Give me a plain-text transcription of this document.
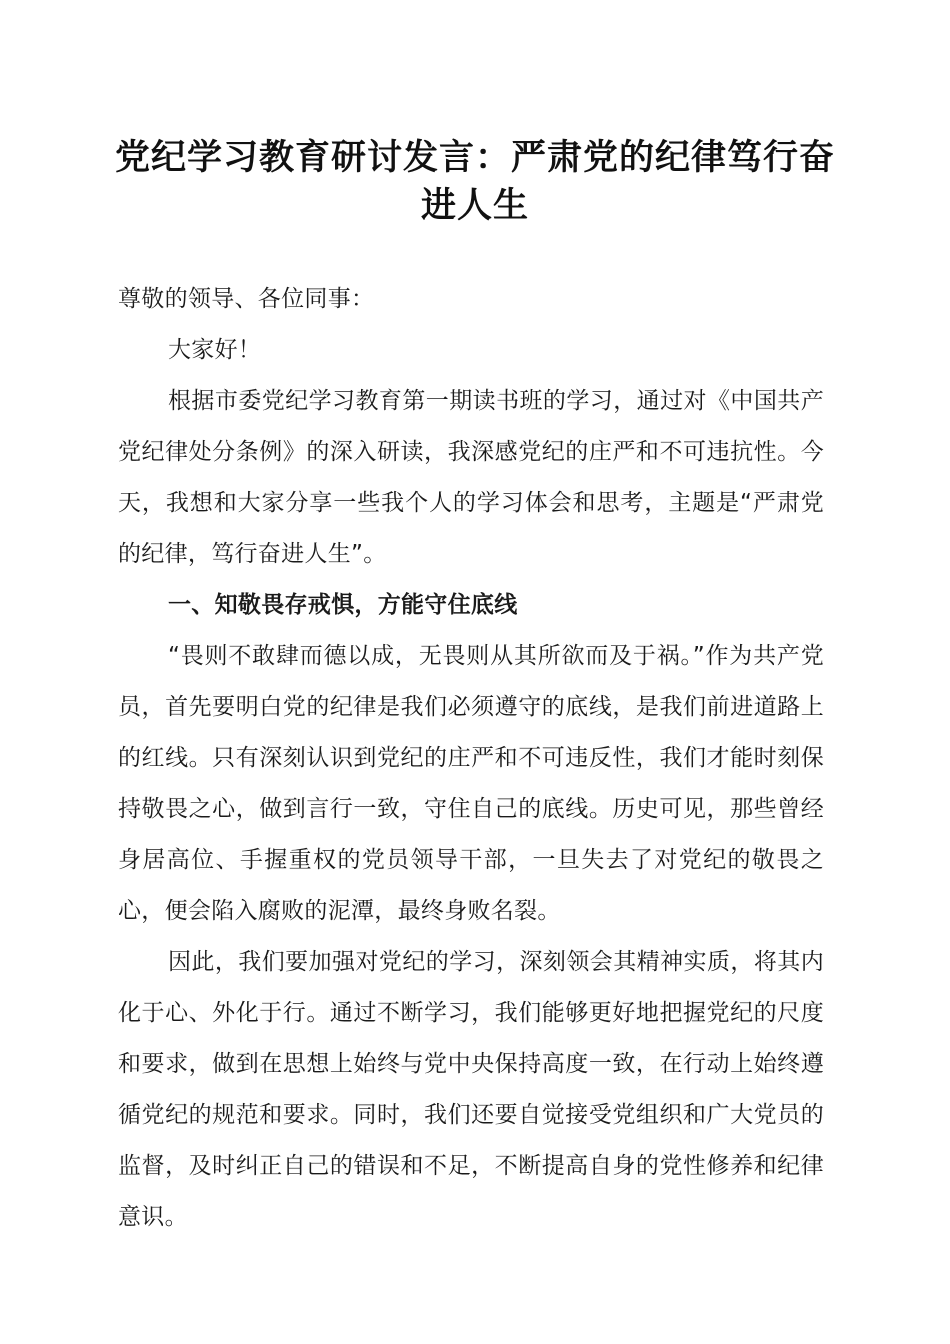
党纪学习教育研讨发言：严肃党的纪律笃行奋进人生

尊敬的领导、各位同事：

大家好！

根据市委党纪学习教育第一期读书班的学习，通过对《中国共产党纪律处分条例》的深入研读，我深感党纪的庄严和不可违抗性。今天，我想和大家分享一些我个人的学习体会和思考，主题是“严肃党的纪律，笃行奋进人生”。

一、知敬畏存戒惧，方能守住底线

“畏则不敢肆而德以成，无畏则从其所欲而及于祸。”作为共产党员，首先要明白党的纪律是我们必须遵守的底线，是我们前进道路上的红线。只有深刻认识到党纪的庄严和不可违反性，我们才能时刻保持敬畏之心，做到言行一致，守住自己的底线。历史可见，那些曾经身居高位、手握重权的党员领导干部，一旦失去了对党纪的敬畏之心，便会陷入腐败的泥潭，最终身败名裂。

因此，我们要加强对党纪的学习，深刻领会其精神实质，将其内化于心、外化于行。通过不断学习，我们能够更好地把握党纪的尺度和要求，做到在思想上始终与党中央保持高度一致，在行动上始终遵循党纪的规范和要求。同时，我们还要自觉接受党组织和广大党员的监督，及时纠正自己的错误和不足，不断提高自身的党性修养和纪律意识。
